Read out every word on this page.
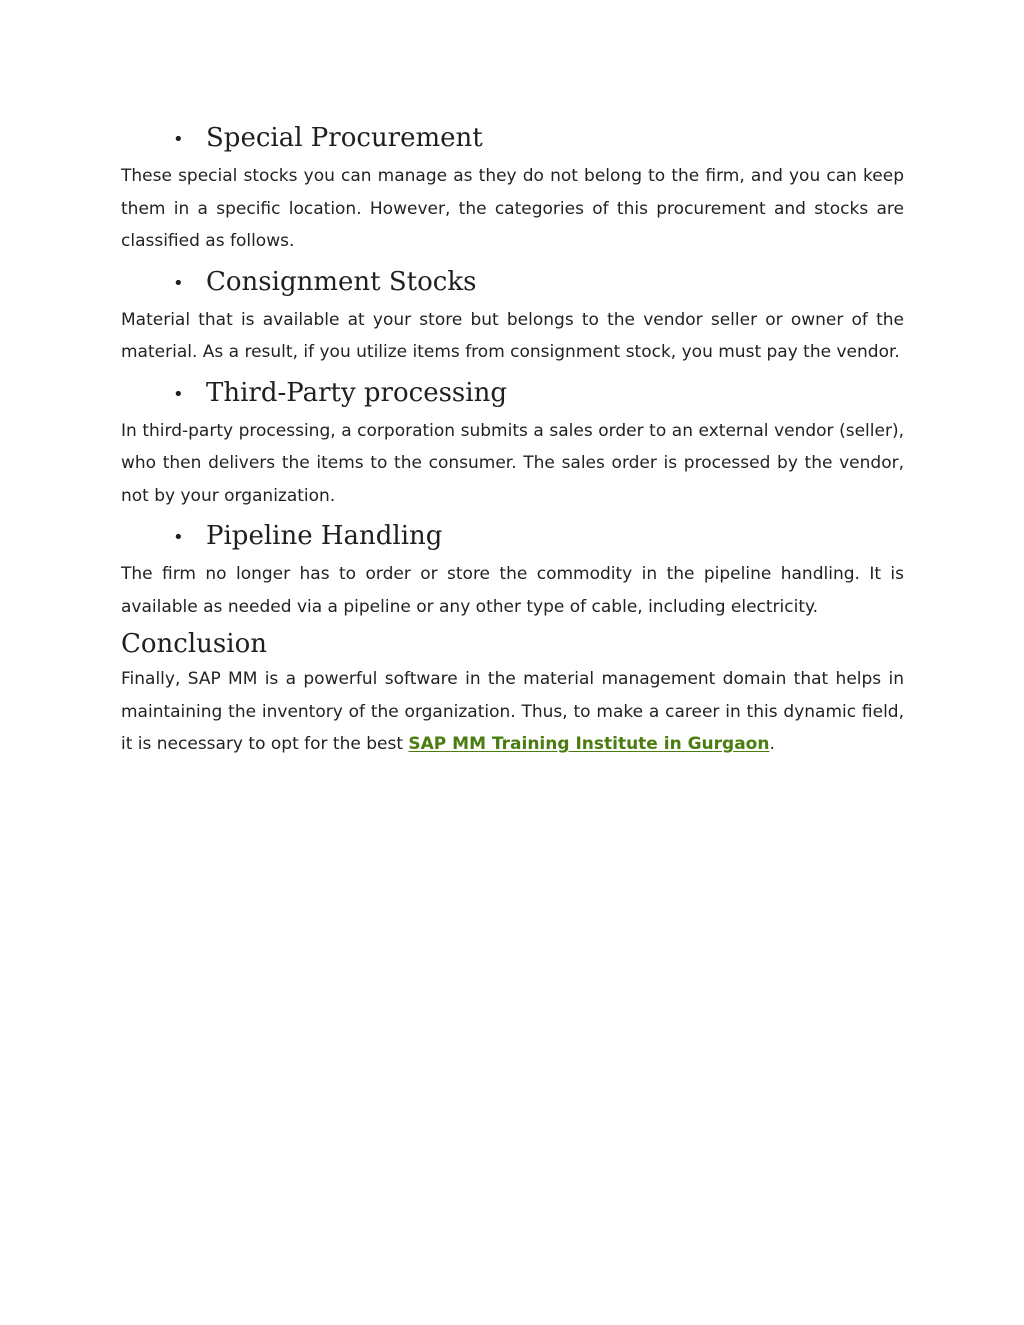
• Special Procurement

These special stocks you can manage as they do not belong to the firm, and you can keep them in a specific location. However, the categories of this procurement and stocks are classified as follows.

• Consignment Stocks

Material that is available at your store but belongs to the vendor seller or owner of the material. As a result, if you utilize items from consignment stock, you must pay the vendor.

• Third-Party processing

In third-party processing, a corporation submits a sales order to an external vendor (seller), who then delivers the items to the consumer. The sales order is processed by the vendor, not by your organization.

• Pipeline Handling

The firm no longer has to order or store the commodity in the pipeline handling. It is available as needed via a pipeline or any other type of cable, including electricity.

Conclusion

Finally, SAP MM is a powerful software in the material management domain that helps in maintaining the inventory of the organization. Thus, to make a career in this dynamic field, it is necessary to opt for the best SAP MM Training Institute in Gurgaon.
